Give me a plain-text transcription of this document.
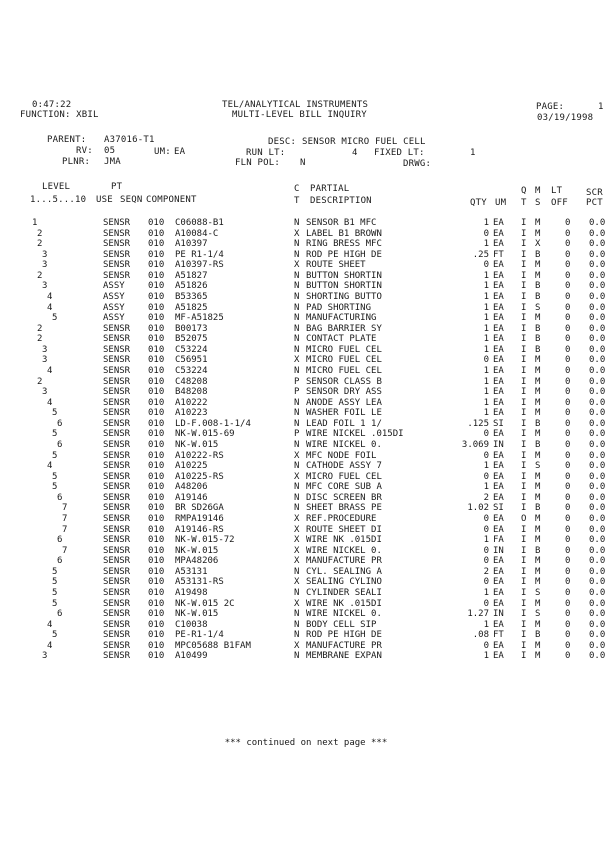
0:47:22
FUNCTION: XBIL
TEL/ANALYTICAL INSTRUMENTS
MULTI-LEVEL BILL INQUIRY
PAGE:	1
03/19/1998
PARENT: A37016-T1	DESC: SENSOR MICRO FUEL CELL
RV: 05	UM: EA	RUN LT:	4 FIXED LT:	1
PLNR: JMA	FLN POL: N	DRWG:
LEVEL	PT	C PARTIAL	Q M LT	SCR
1...5...10 USE SEQN COMPONENT	T DESCRIPTION	QTY UM T S OFF PCT
1	SENSR 010 C06088-B1	N SENSOR B1 MFC	1 EA I M	0 0.0
2	SENSR 010 A10084-C	X LABEL B1 BROWN	0 EA I M	0 0.0
2	SENSR 010 A10397	N RING BRESS MFC	1 EA I X	0 0.0
3	SENSR 010 PE R1-1/4	N ROD PE HIGH DE	.25 FT I B	0 0.0
3	SENSR 010 A10397-RS	X ROUTE SHEET	0 EA I M	0 0.0
2	SENSR 010 A51827	N BUTTON SHORTIN	1 EA I M	0 0.0
3	ASSY	010 A51826	N BUTTON SHORTIN	1 EA I B	0 0.0
4	ASSY	010 B53365	N SHORTING BUTTO	1 EA I B	0 0.0
4	ASSY	010 A51825	N PAD SHORTING	1 EA I S	0 0.0
5	ASSY	010 MF-A51825	N MANUFACTURING	1 EA I M	0 0.0
2	SENSR 010 B00173	N BAG BARRIER SY	1 EA I B	0 0.0
2	SENSR 010 B52075	N CONTACT PLATE	1 EA I B	0 0.0
3	SENSR 010 C53224	N MICRO FUEL CEL	1 EA I B	0 0.0
3	SENSR 010 C56951	X MICRO FUEL CEL	0 EA I M	0 0.0
4	SENSR 010 C53224	N MICRO FUEL CEL	1 EA I M	0 0.0
2	SENSR 010 C48208	P SENSOR CLASS B	1 EA I M	0 0.0
3	SENSR 010 B48208	P SENSOR DRY ASS	1 EA I M	0 0.0
4	SENSR 010 A10222	N ANODE ASSY LEA	1 EA I M	0 0.0
5	SENSR 010 A10223	N WASHER FOIL LE	1 EA I M	0 0.0
6	SENSR 010 LD-F.008-1-1/4	N LEAD FOIL 1 1/	.125 SI I B	0 0.0
5	SENSR 010 NK-W.015-69	P WIRE NICKEL .015DI	0 EA I M	0 0.0
6	SENSR 010 NK-W.015	N WIRE NICKEL 0.	3.069 IN I B	0 0.0
5	SENSR 010 A10222-RS	X MFC NODE FOIL	0 EA I M	0 0.0
4	SENSR 010 A10225	N CATHODE ASSY 7	1 EA I S	0 0.0
5	SENSR 010 A10225-RS	X MICRO FUEL CEL	0 EA I M	0 0.0
5	SENSR 010 A48206	N MFC CORE SUB A	1 EA I M	0 0.0
6	SENSR 010 A19146	N DISC SCREEN BR	2 EA I M	0 0.0
7	SENSR 010 BR SD26GA	N SHEET BRASS PE	1.02 SI I B	0 0.0
7	SENSR 010 RMPA19146	X REF.PROCEDURE	0 EA O M	0 0.0
7	SENSR 010 A19146-RS	X ROUTE SHEET DI	0 EA I M	0 0.0
6	SENSR 010 NK-W.015-72	X WIRE NK .015DI	1 FA I M	0 0.0
7	SENSR 010 NK-W.015	X WIRE NICKEL 0.	0 IN I B	0 0.0
6	SENSR 010 MPA48206	X MANUFACTURE PR	0 EA I M	0 0.0
5	SENSR 010 A53131	N CYL. SEALING A	2 EA I M	0 0.0
5	SENSR 010 A53131-RS	X SEALING CYLINO	0 EA I M	0 0.0
5	SENSR 010 A19498	N CYLINDER SEALI	1 EA I S	0 0.0
5	SENSR 010 NK-W.015 2C	X WIRE NK .015DI	0 EA I M	0 0.0
6	SENSR 010 NK-W.015	N WIRE NICKEL 0.	1.27 IN I S	0 0.0
4	SENSR 010 C10038	N BODY CELL SIP	1 EA I M	0 0.0
5	SENSR 010 PE-R1-1/4	N ROD PE HIGH DE	.08 FT I B	0 0.0
4	SENSR 010 MPC05688 B1FAM	X MANUFACTURE PR	0 EA I M	0 0.0
3	SENSR 010 A10499	N MEMBRANE EXPAN	1 EA I M	0 0.0
*** continued on next page ***
